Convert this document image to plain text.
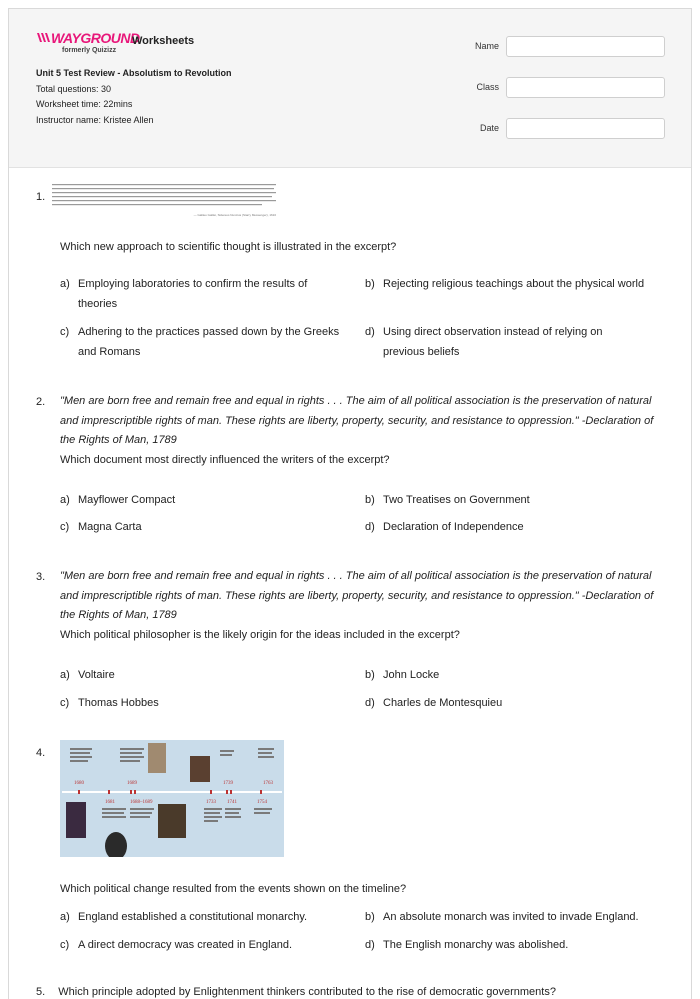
WAYGROUND
formerly Quizizz
Worksheets
Unit 5 Test Review - Absolutism to Revolution
Total questions: 30
Worksheet time: 22mins
Instructor name: Kristee Allen
Name
Class
Date
1.
— Galileo Galilei, Sidereus Nuncius (Starry Messenger), 1610
Which new approach to scientific thought is illustrated in the excerpt?
a) Employing laboratories to confirm the results of theories
b) Rejecting religious teachings about the physical world
c) Adhering to the practices passed down by the Greeks and Romans
d) Using direct observation instead of relying on previous beliefs
2. "Men are born free and remain free and equal in rights . . . The aim of all political association is the preservation of natural and imprescriptible rights of man. These rights are liberty, property, security, and resistance to oppression." -Declaration of the Rights of Man, 1789
Which document most directly influenced the writers of the excerpt?
a) Mayflower Compact	b) Two Treatises on Government
c) Magna Carta	d) Declaration of Independence
3. "Men are born free and remain free and equal in rights . . . The aim of all political association is the preservation of natural and imprescriptible rights of man. These rights are liberty, property, security, and resistance to oppression." -Declaration of the Rights of Man, 1789
Which political philosopher is the likely origin for the ideas included in the excerpt?
a) Voltaire	b) John Locke
c) Thomas Hobbes	d) Charles de Montesquieu
4.
1680	1689	1739	1763
1681	1688–1689	1733 1741	1754
Which political change resulted from the events shown on the timeline?
a) England established a constitutional monarchy.	b) An absolute monarch was invited to invade England.
c) A direct democracy was created in England.	d) The English monarchy was abolished.
5. Which principle adopted by Enlightenment thinkers contributed to the rise of democratic governments?
